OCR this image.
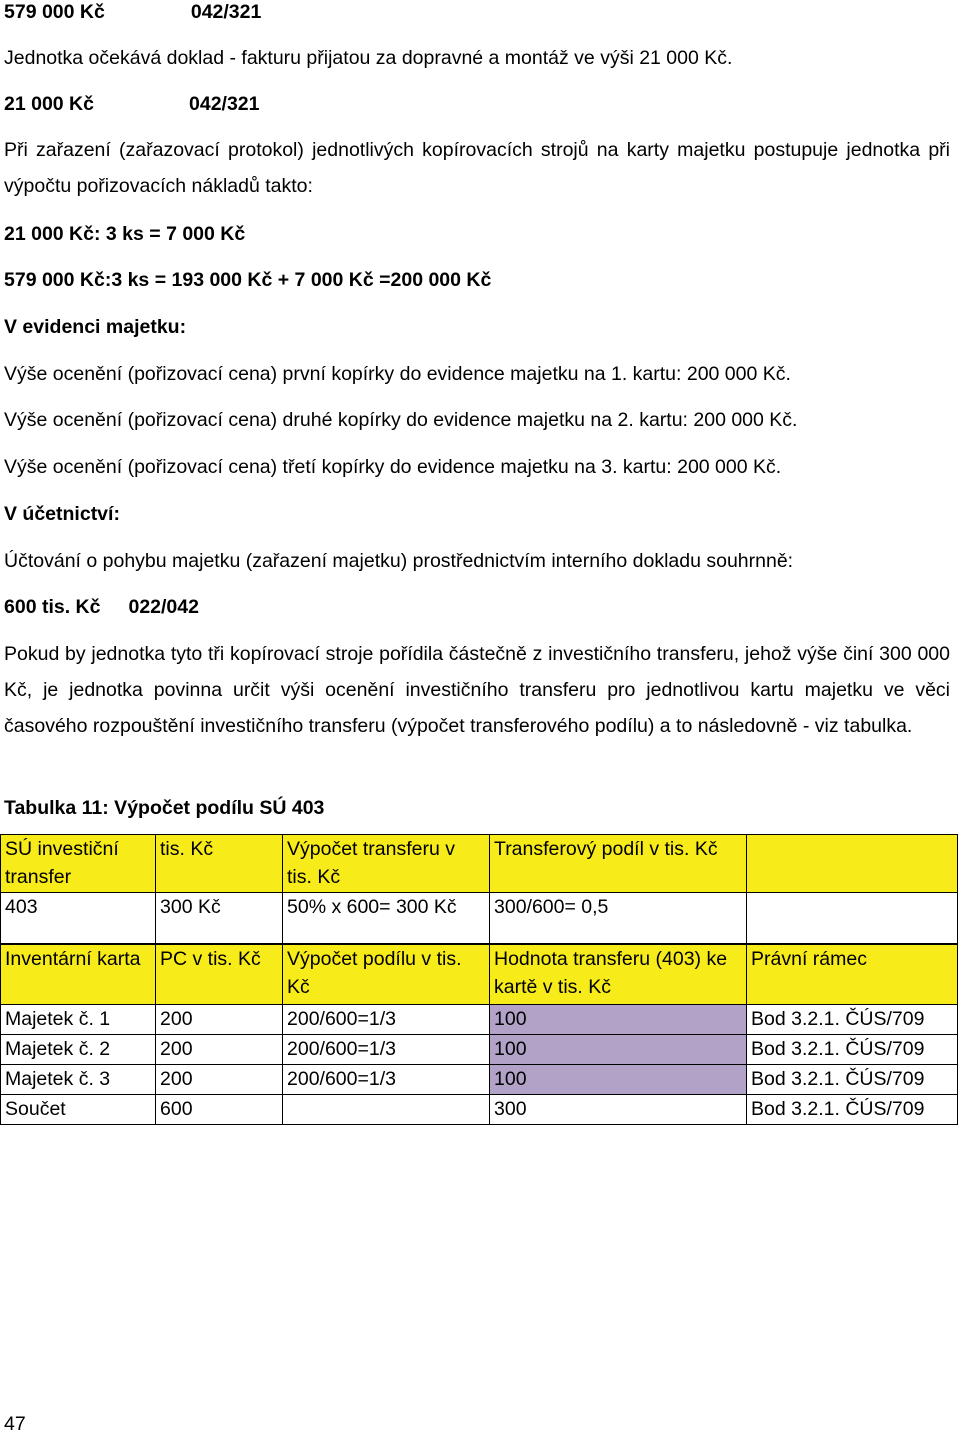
579 000 Kč	042/321
Jednotka očekává doklad - fakturu přijatou za dopravné a montáž ve výši 21 000 Kč.
21 000 Kč	042/321
Při zařazení (zařazovací protokol) jednotlivých kopírovacích strojů na karty majetku postupuje jednotka při výpočtu pořizovacích nákladů takto:
21 000 Kč: 3 ks = 7 000 Kč
579 000 Kč:3 ks = 193 000 Kč + 7 000 Kč =200 000 Kč
V evidenci majetku:
Výše ocenění (pořizovací cena) první kopírky do evidence majetku na 1. kartu: 200 000 Kč.
Výše ocenění (pořizovací cena) druhé kopírky do evidence majetku na 2. kartu: 200 000 Kč.
Výše ocenění (pořizovací cena) třetí kopírky do evidence majetku na 3. kartu: 200 000 Kč.
V účetnictví:
Účtování o pohybu majetku (zařazení majetku) prostřednictvím interního dokladu souhrnně:
600 tis. Kč 022/042
Pokud by jednotka tyto tři kopírovací stroje pořídila částečně z investičního transferu, jehož výše činí 300 000 Kč, je jednotka povinna určit výši ocenění investičního transferu pro jednotlivou kartu majetku ve věci časového rozpouštění investičního transferu (výpočet transferového podílu) a to následovně - viz tabulka.
Tabulka 11: Výpočet podílu SÚ 403
SÚ investiční transfer	tis. Kč	Výpočet transferu v tis. Kč	Transferový podíl v tis. Kč	
403	300 Kč	50% x 600= 300 Kč	300/600= 0,5	
Inventární karta	PC v tis. Kč	Výpočet podílu v tis. Kč	Hodnota transferu (403) ke kartě v tis. Kč	Právní rámec
Majetek č. 1	200	200/600=1/3	100	Bod 3.2.1. ČÚS/709
Majetek č. 2	200	200/600=1/3	100	Bod 3.2.1. ČÚS/709
Majetek č. 3	200	200/600=1/3	100	Bod 3.2.1. ČÚS/709
Součet	600		300	Bod 3.2.1. ČÚS/709
47
